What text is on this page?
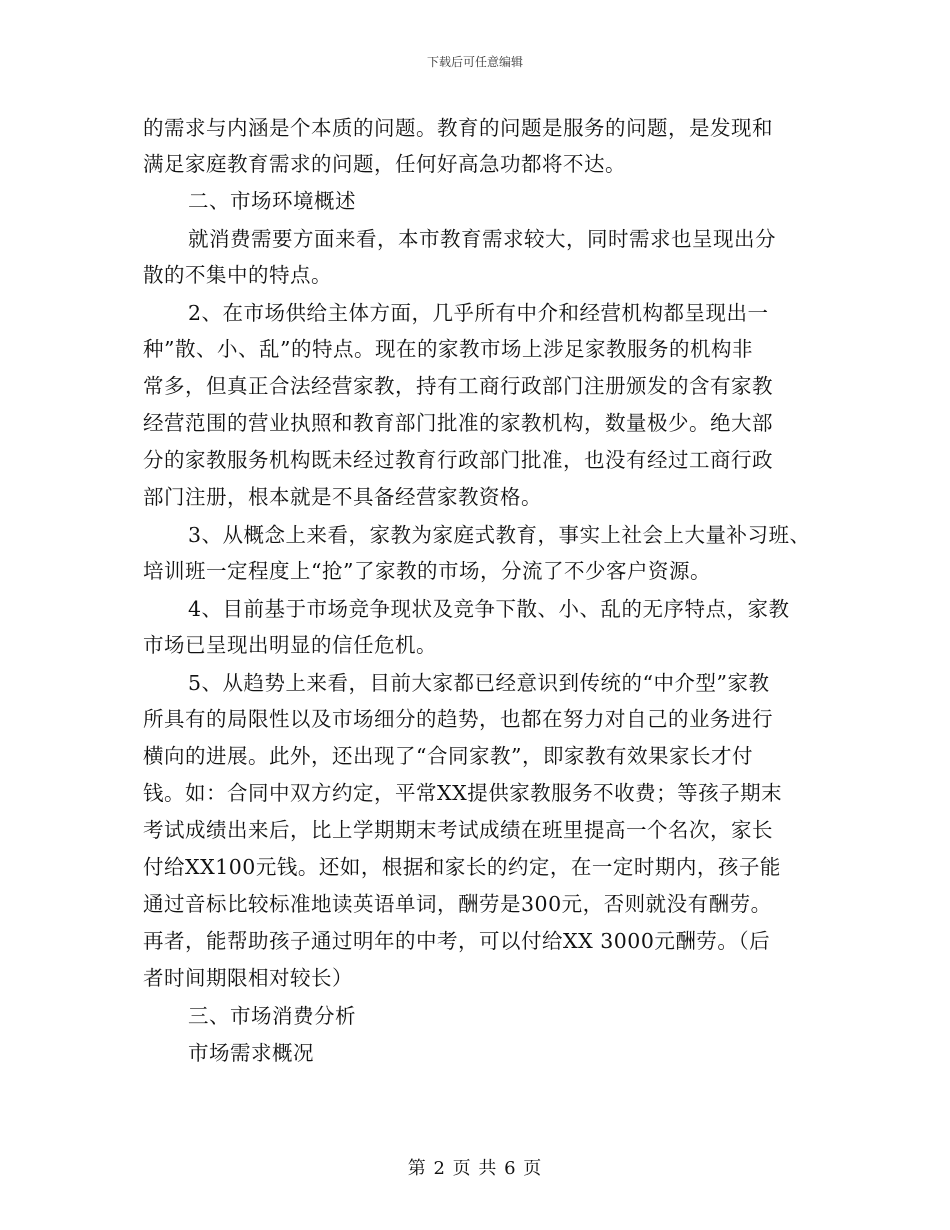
下载后可任意编辑
的需求与内涵是个本质的问题。教育的问题是服务的问题，是发现和
满足家庭教育需求的问题，任何好高急功都将不达。
二、市场环境概述
就消费需要方面来看，本市教育需求较大，同时需求也呈现出分
散的不集中的特点。
2、在市场供给主体方面，几乎所有中介和经营机构都呈现出一
种”散、小、乱”的特点。现在的家教市场上涉足家教服务的机构非
常多，但真正合法经营家教，持有工商行政部门注册颁发的含有家教
经营范围的营业执照和教育部门批准的家教机构，数量极少。绝大部
分的家教服务机构既未经过教育行政部门批准，也没有经过工商行政
部门注册，根本就是不具备经营家教资格。
3、从概念上来看，家教为家庭式教育，事实上社会上大量补习班、
培训班一定程度上“抢”了家教的市场，分流了不少客户资源。
4、目前基于市场竞争现状及竞争下散、小、乱的无序特点，家教
市场已呈现出明显的信任危机。
5、从趋势上来看，目前大家都已经意识到传统的“中介型”家教
所具有的局限性以及市场细分的趋势，也都在努力对自己的业务进行
横向的进展。此外，还出现了“合同家教”，即家教有效果家长才付
钱。如：合同中双方约定，平常XX提供家教服务不收费；等孩子期末
考试成绩出来后，比上学期期末考试成绩在班里提高一个名次，家长
付给XX100元钱。还如，根据和家长的约定，在一定时期内，孩子能
通过音标比较标准地读英语单词，酬劳是300元，否则就没有酬劳。
再者，能帮助孩子通过明年的中考，可以付给XX 3000元酬劳。（后
者时间期限相对较长）
三、市场消费分析
市场需求概况
第 2 页 共 6 页
